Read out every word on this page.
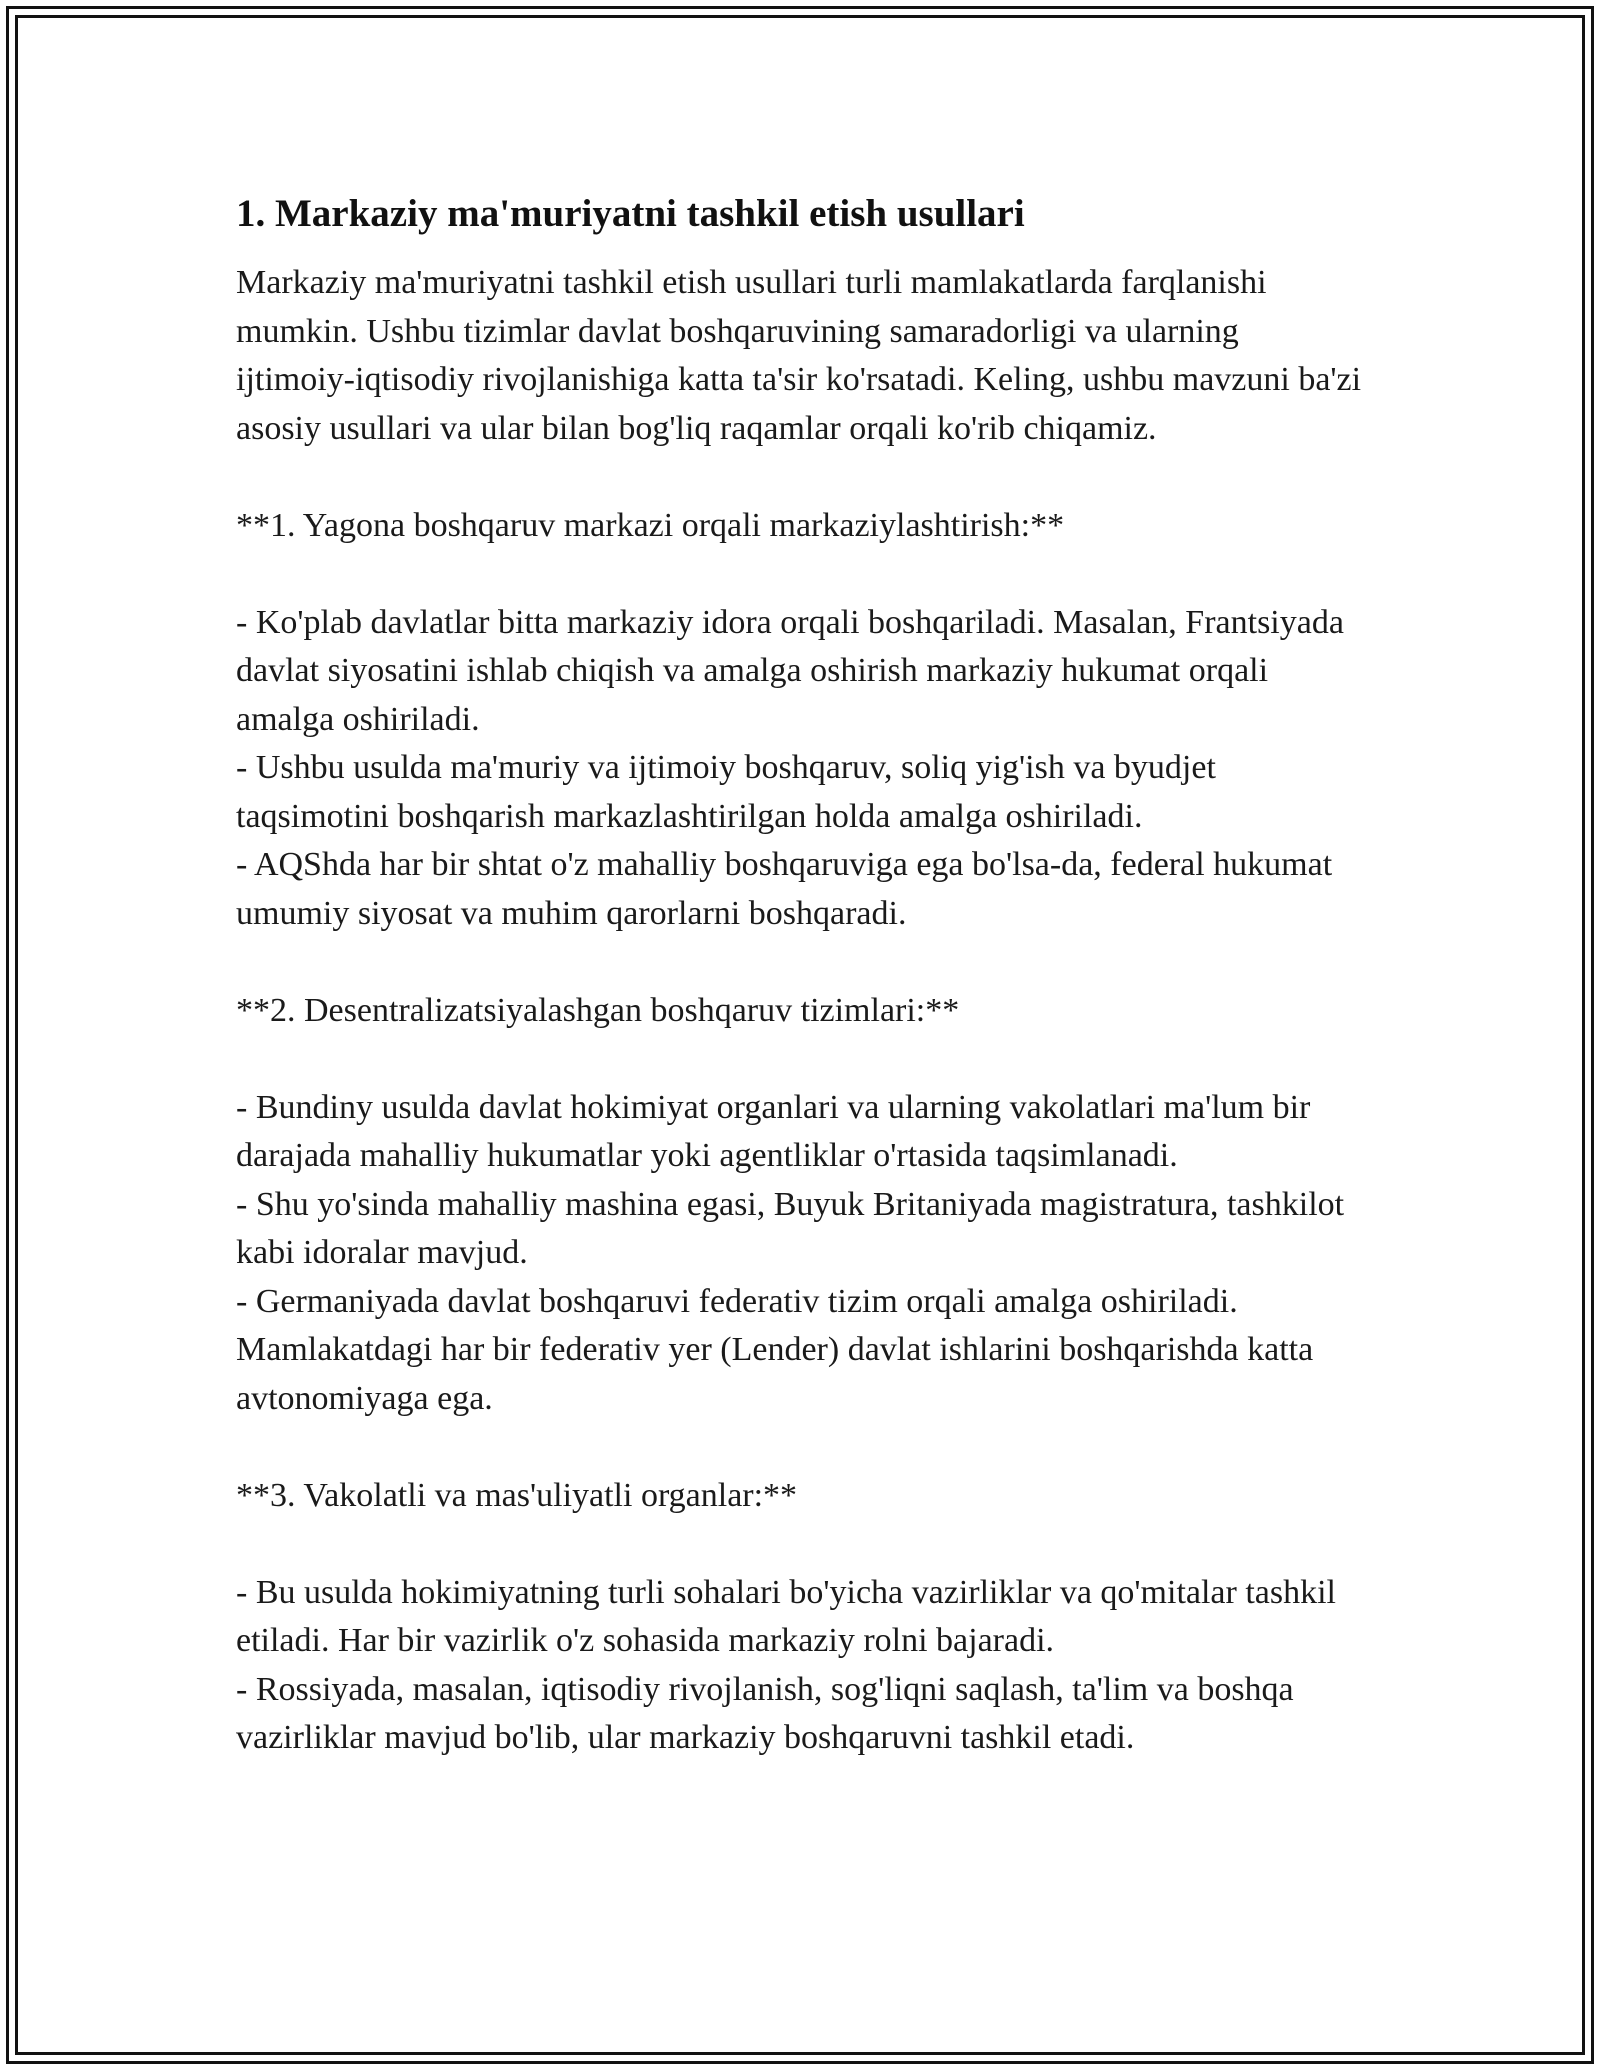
1. Markaziy ma'muriyatni tashkil etish usullari

Markaziy ma'muriyatni tashkil etish usullari turli mamlakatlarda farqlanishi mumkin. Ushbu tizimlar davlat boshqaruvining samaradorligi va ularning ijtimoiy-iqtisodiy rivojlanishiga katta ta'sir ko'rsatadi. Keling, ushbu mavzuni ba'zi asosiy usullari va ular bilan bog'liq raqamlar orqali ko'rib chiqamiz.

**1. Yagona boshqaruv markazi orqali markaziylashtirish:**

- Ko'plab davlatlar bitta markaziy idora orqali boshqariladi. Masalan, Frantsiyada davlat siyosatini ishlab chiqish va amalga oshirish markaziy hukumat orqali amalga oshiriladi.

- Ushbu usulda ma'muriy va ijtimoiy boshqaruv, soliq yig'ish va byudjet taqsimotini boshqarish markazlashtirilgan holda amalga oshiriladi.

- AQShda har bir shtat o'z mahalliy boshqaruviga ega bo'lsa-da, federal hukumat umumiy siyosat va muhim qarorlarni boshqaradi.

**2. Desentralizatsiyalashgan boshqaruv tizimlari:**

- Bundiny usulda davlat hokimiyat organlari va ularning vakolatlari ma'lum bir darajada mahalliy hukumatlar yoki agentliklar o'rtasida taqsimlanadi.

- Shu yo'sinda mahalliy mashina egasi, Buyuk Britaniyada magistratura, tashkilot kabi idoralar mavjud.

- Germaniyada davlat boshqaruvi federativ tizim orqali amalga oshiriladi. Mamlakatdagi har bir federativ yer (Lender) davlat ishlarini boshqarishda katta avtonomiyaga ega.

**3. Vakolatli va mas'uliyatli organlar:**

- Bu usulda hokimiyatning turli sohalari bo'yicha vazirliklar va qo'mitalar tashkil etiladi. Har bir vazirlik o'z sohasida markaziy rolni bajaradi.

- Rossiyada, masalan, iqtisodiy rivojlanish, sog'liqni saqlash, ta'lim va boshqa vazirliklar mavjud bo'lib, ular markaziy boshqaruvni tashkil etadi.
